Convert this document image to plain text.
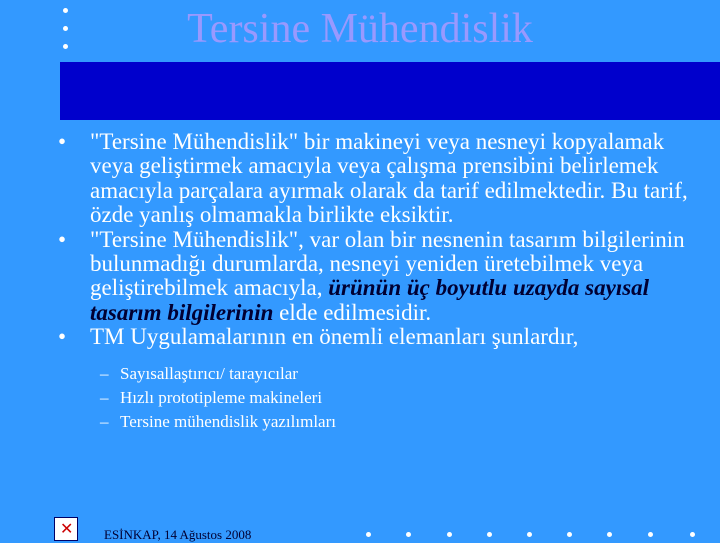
Tersine Mühendislik
• "Tersine Mühendislik" bir makineyi veya nesneyi kopyalamak veya geliştirmek amacıyla veya çalışma prensibini belirlemek amacıyla parçalara ayırmak olarak da tarif edilmektedir. Bu tarif, özde yanlış olmamakla birlikte eksiktir.
• "Tersine Mühendislik", var olan bir nesnenin tasarım bilgilerinin bulunmadığı durumlarda, nesneyi yeniden üretebilmek veya geliştirebilmek amacıyla, ürünün üç boyutlu uzayda sayısal tasarım bilgilerinin elde edilmesidir.
• TM Uygulamalarının en önemli elemanları şunlardır,
– Sayısallaştırıcı/ tarayıcılar
– Hızlı prototipleme makineleri
– Tersine mühendislik yazılımları
✕ ESİNKAP, 14 Ağustos 2008
